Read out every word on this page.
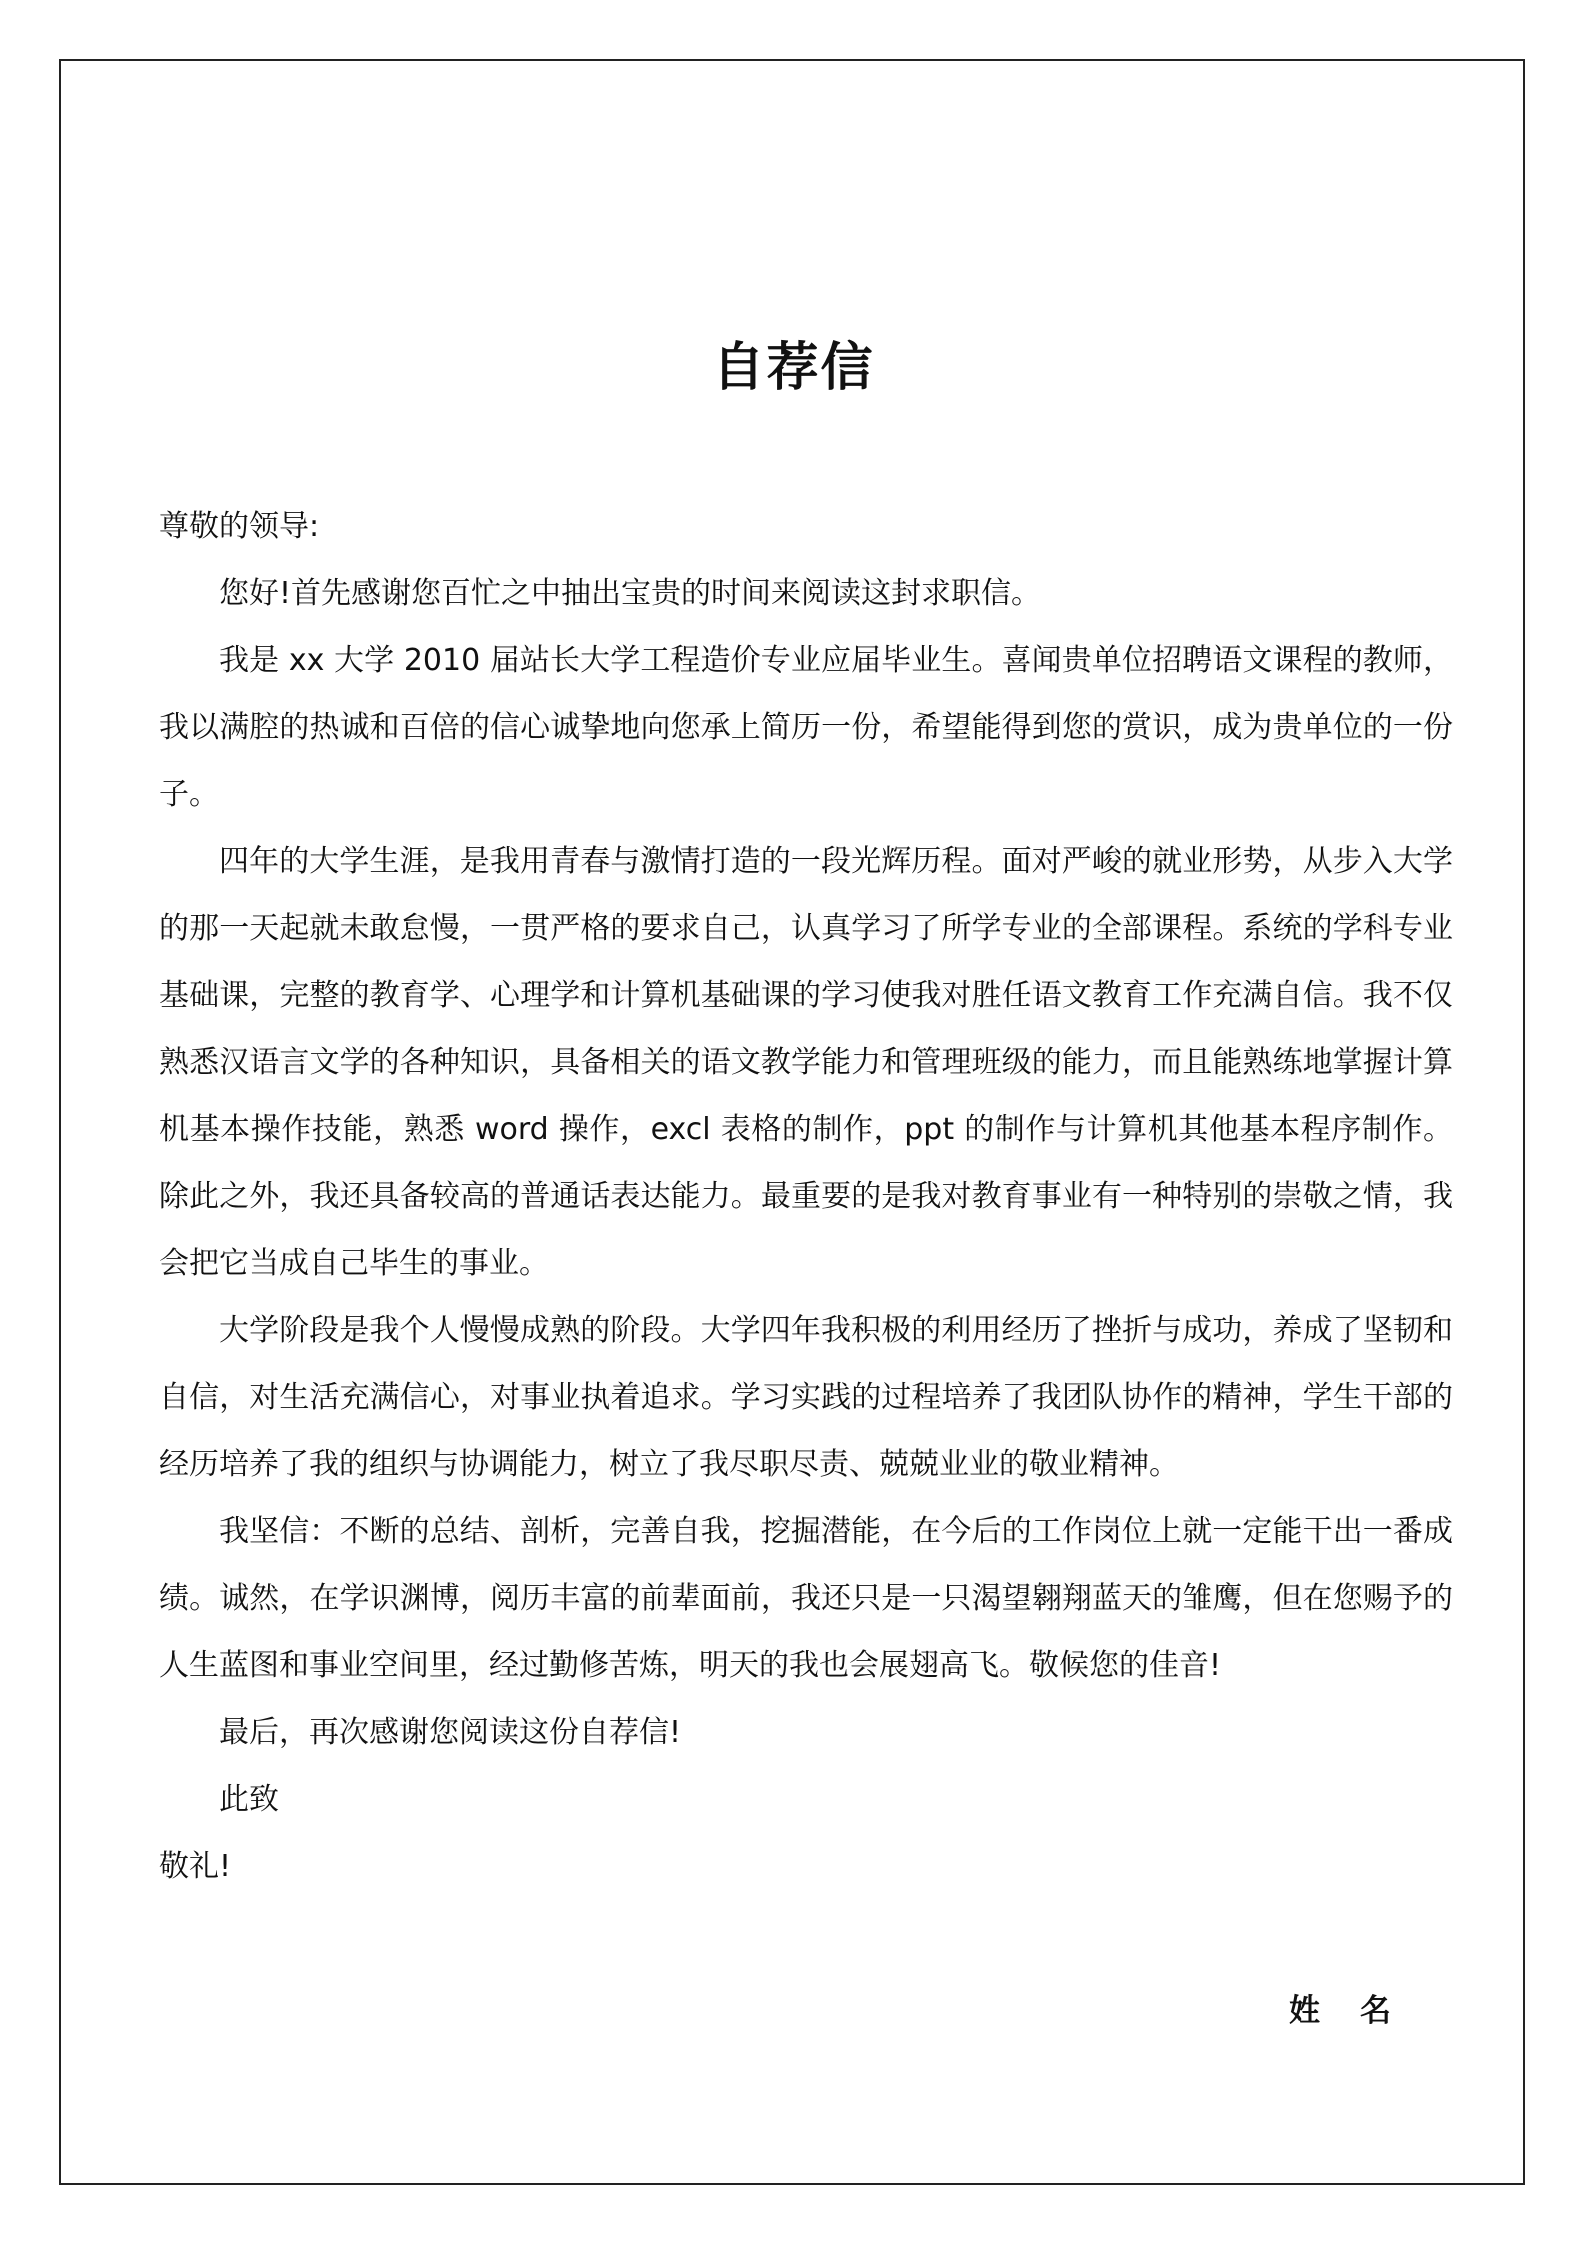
自荐信

尊敬的领导:

您好!首先感谢您百忙之中抽出宝贵的时间来阅读这封求职信。

我是 xx 大学 2010 届站长大学工程造价专业应届毕业生。喜闻贵单位招聘语文课程的教师，我以满腔的热诚和百倍的信心诚挚地向您承上简历一份，希望能得到您的赏识，成为贵单位的一份子。

四年的大学生涯，是我用青春与激情打造的一段光辉历程。面对严峻的就业形势，从步入大学的那一天起就未敢怠慢，一贯严格的要求自己，认真学习了所学专业的全部课程。系统的学科专业基础课，完整的教育学、心理学和计算机基础课的学习使我对胜任语文教育工作充满自信。我不仅熟悉汉语言文学的各种知识，具备相关的语文教学能力和管理班级的能力，而且能熟练地掌握计算机基本操作技能，熟悉 word 操作，excl 表格的制作，ppt 的制作与计算机其他基本程序制作。除此之外，我还具备较高的普通话表达能力。最重要的是我对教育事业有一种特别的崇敬之情，我会把它当成自己毕生的事业。

大学阶段是我个人慢慢成熟的阶段。大学四年我积极的利用经历了挫折与成功，养成了坚韧和自信，对生活充满信心，对事业执着追求。学习实践的过程培养了我团队协作的精神，学生干部的经历培养了我的组织与协调能力，树立了我尽职尽责、兢兢业业的敬业精神。

我坚信：不断的总结、剖析，完善自我，挖掘潜能，在今后的工作岗位上就一定能干出一番成绩。诚然，在学识渊博，阅历丰富的前辈面前，我还只是一只渴望翱翔蓝天的雏鹰，但在您赐予的人生蓝图和事业空间里，经过勤修苦炼，明天的我也会展翅高飞。敬候您的佳音!

最后，再次感谢您阅读这份自荐信!

此致

敬礼!

姓名
